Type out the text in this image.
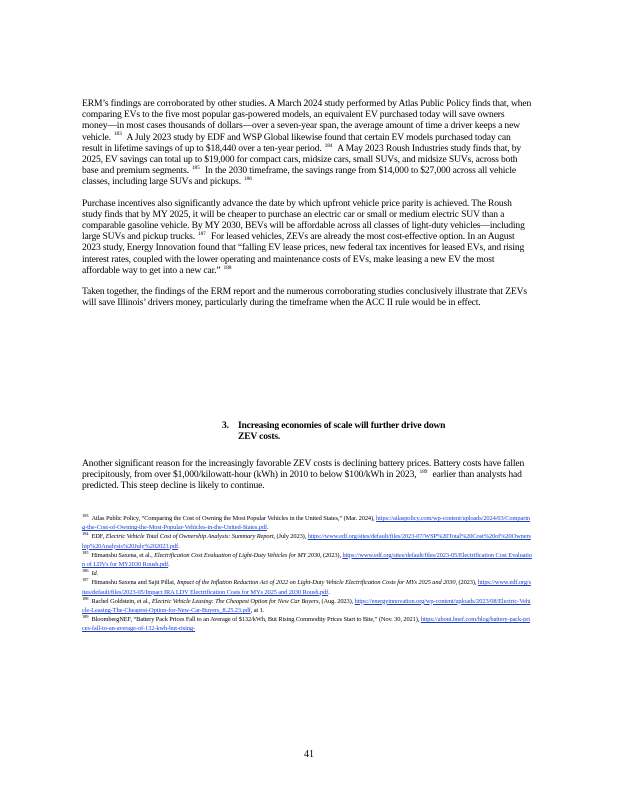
ERM’s findings are corroborated by other studies. A March 2024 study performed by Atlas Public Policy finds that, when comparing EVs to the five most popular gas-powered models, an equivalent EV purchased today will save owners money—in most cases thousands of dollars—over a seven-year span, the average amount of time a driver keeps a new vehicle. $^{183}$ A July 2023 study by EDF and WSP Global likewise found that certain EV models purchased today can result in lifetime savings of up to $18,440 over a ten-year period. $^{184}$ A May 2023 Roush Industries study finds that, by 2025, EV savings can total up to $19,000 for compact cars, midsize cars, small SUVs, and midsize SUVs, across both base and premium segments. $^{185}$ In the 2030 timeframe, the savings range from $14,000 to $27,000 across all vehicle classes, including large SUVs and pickups. $^{186}$

Purchase incentives also significantly advance the date by which upfront vehicle price parity is achieved. The Roush study finds that by MY 2025, it will be cheaper to purchase an electric car or small or medium electric SUV than a comparable gasoline vehicle. By MY 2030, BEVs will be affordable across all classes of light-duty vehicles—including large SUVs and pickup trucks. $^{187}$ For leased vehicles, ZEVs are already the most cost-effective option. In an August 2023 study, Energy Innovation found that “falling EV lease prices, new federal tax incentives for leased EVs, and rising interest rates, coupled with the lower operating and maintenance costs of EVs, make leasing a new EV the most affordable way to get into a new car.” $^{188}$

Taken together, the findings of the ERM report and the numerous corroborating studies conclusively illustrate that ZEVs will save Illinois’ drivers money, particularly during the timeframe when the ACC II rule would be in effect.

3. Increasing economies of scale will further drive down ZEV costs.

Another significant reason for the increasingly favorable ZEV costs is declining battery prices. Battery costs have fallen precipitously, from over $1,000/kilowatt-hour (kWh) in 2010 to below $100/kWh in 2023, $^{189}$ earlier than analysts had predicted. This steep decline is likely to continue.

$^{183}$ Atlas Public Policy, “Comparing the Cost of Owning the Most Popular Vehicles in the United States,” (Mar. 2024), https://atlaspolicy.com/wp-content/uploads/2024/03/Comparing-the-Cost-of-Owning-the-Most-Popular-Vehicles-in-the-United-States.pdf.

$^{184}$ EDF, Electric Vehicle Total Cost of Ownership Analysis: Summary Report, (July 2023), https://www.edf.org/sites/default/files/2023-07/WSP%20Total%20Cost%20of%20Ownership%20Analysis%20July%202023.pdf.

$^{185}$ Himanshu Saxena, et al., Electrification Cost Evaluation of Light-Duty Vehicles for MY 2030, (2023), https://www.edf.org/sites/default/files/2023-05/Electrification Cost Evaluation of LDVs for MY2030 Roush.pdf.

$^{186}$ Id.

$^{187}$ Himanshu Saxena and Sajit Pillai, Impact of the Inflation Reduction Act of 2022 on Light-Duty Vehicle Electrification Costs for MYs 2025 and 2030, (2023), https://www.edf.org/sites/default/files/2023-05/Impact IRA LDV Electrification Costs for MYs 2025 and 2030 Roush.pdf.

$^{188}$ Rachel Goldstein, et al., Electric Vehicle Leasing: The Cheapest Option for New Car Buyers, (Aug. 2023), https://energyinnovation.org/wp-content/uploads/2023/08/Electric-Vehicle-Leasing-The-Cheapest-Option-for-New-Car-Buyers_8.25.23.pdf, at 1.

$^{189}$ BloombergNEF, “Battery Pack Prices Fall to an Average of $132/kWh, But Rising Commodity Prices Start to Bite,” (Nov. 30, 2021), https://about.bnef.com/blog/battery-pack-prices-fall-to-an-average-of-132-kwh-but-rising-

41
